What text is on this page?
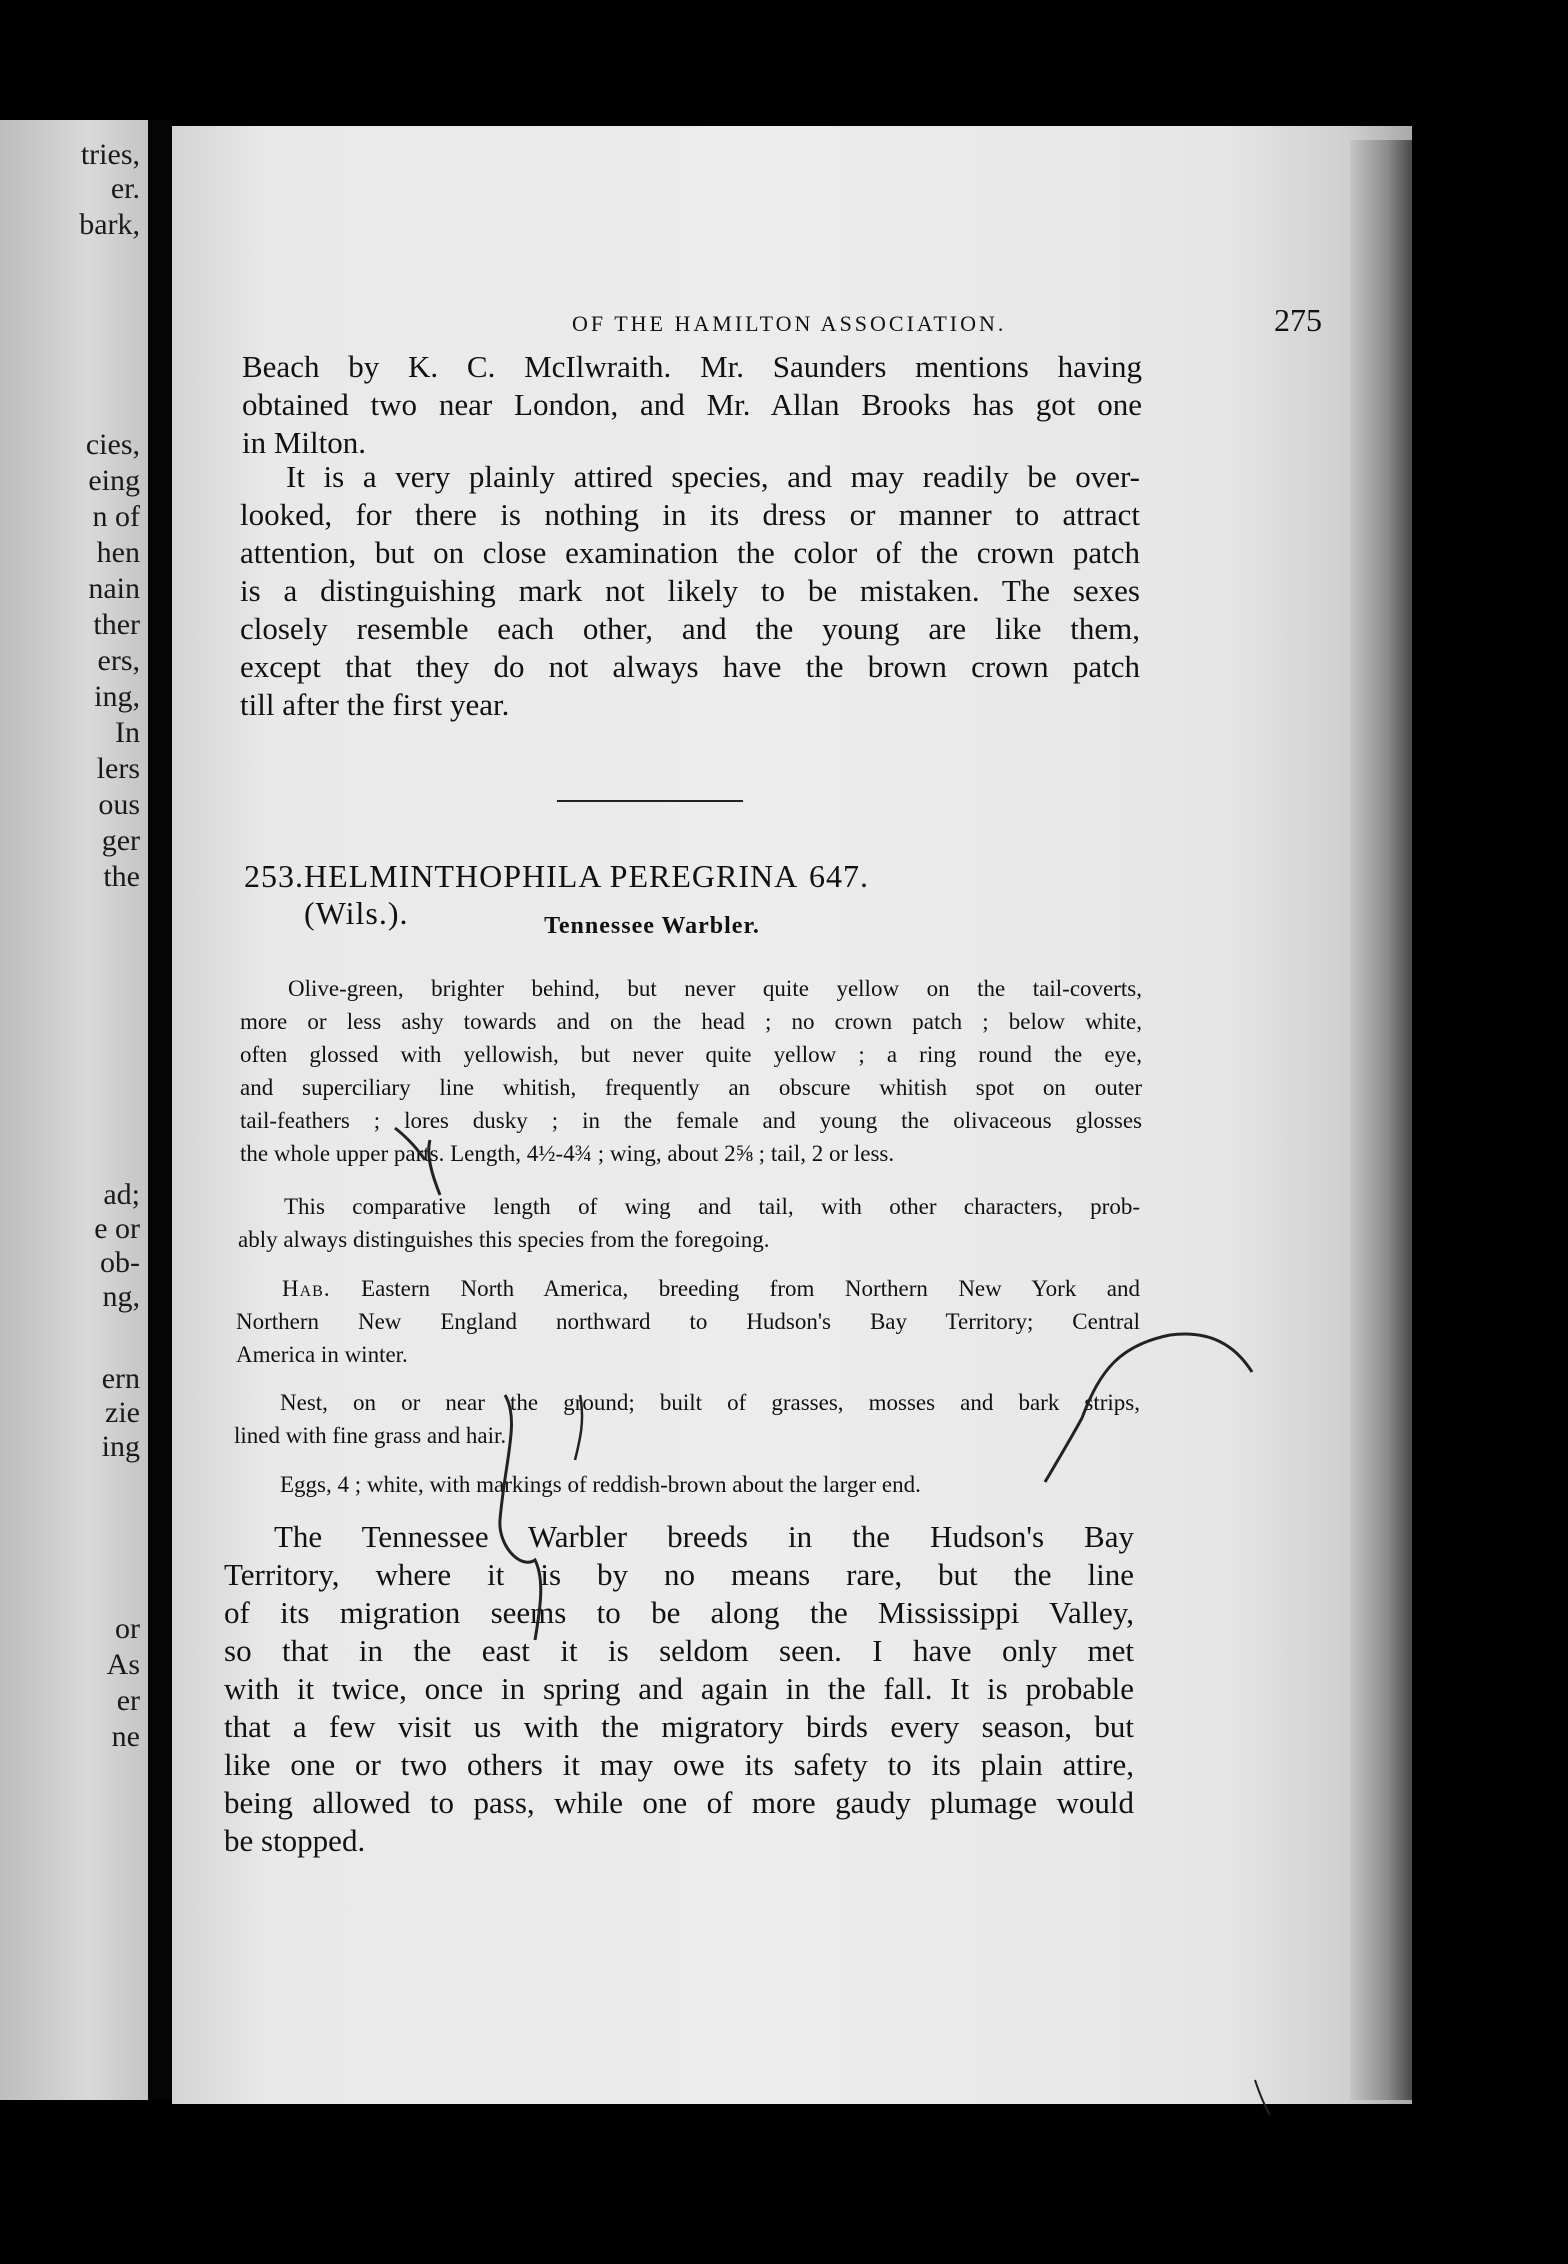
tries,
er.
bark,
cies,
eing
n of
hen
nain
ther
ers,
ing,
In
lers
ous
ger
the
ad;
e or
ob-
ng,
ern
zie
ing
or
As
er
ne
OF THE HAMILTON ASSOCIATION.	275
Beach by K. C. McIlwraith. Mr. Saunders mentions having
obtained two near London, and Mr. Allan Brooks has got one
in Milton.
It is a very plainly attired species, and may readily be over-
looked, for there is nothing in its dress or manner to attract
attention, but on close examination the color of the crown patch
is a distinguishing mark not likely to be mistaken. The sexes
closely resemble each other, and the young are like them,
except that they do not always have the brown crown patch
till after the first year.
253. HELMINTHOPHILA PEREGRINA (Wils.).
647.
Tennessee Warbler.
Olive-green, brighter behind, but never quite yellow on the tail-coverts,
more or less ashy towards and on the head ; no crown patch ; below white,
often glossed with yellowish, but never quite yellow ; a ring round the eye,
and superciliary line whitish, frequently an obscure whitish spot on outer
tail-feathers ; lores dusky ; in the female and young the olivaceous glosses
the whole upper parts. Length, 4½-4¾ ; wing, about 2⅝ ; tail, 2 or less.
This comparative length of wing and tail, with other characters, prob-
ably always distinguishes this species from the foregoing.
Hab. Eastern North America, breeding from Northern New York and
Northern New England northward to Hudson's Bay Territory; Central
America in winter.
Nest, on or near the ground; built of grasses, mosses and bark strips,
lined with fine grass and hair.
Eggs, 4 ; white, with markings of reddish-brown about the larger end.
The Tennessee Warbler breeds in the Hudson's Bay
Territory, where it is by no means rare, but the line
of its migration seems to be along the Mississippi Valley,
so that in the east it is seldom seen. I have only met
with it twice, once in spring and again in the fall. It is probable
that a few visit us with the migratory birds every season, but
like one or two others it may owe its safety to its plain attire,
being allowed to pass, while one of more gaudy plumage would
be stopped.
